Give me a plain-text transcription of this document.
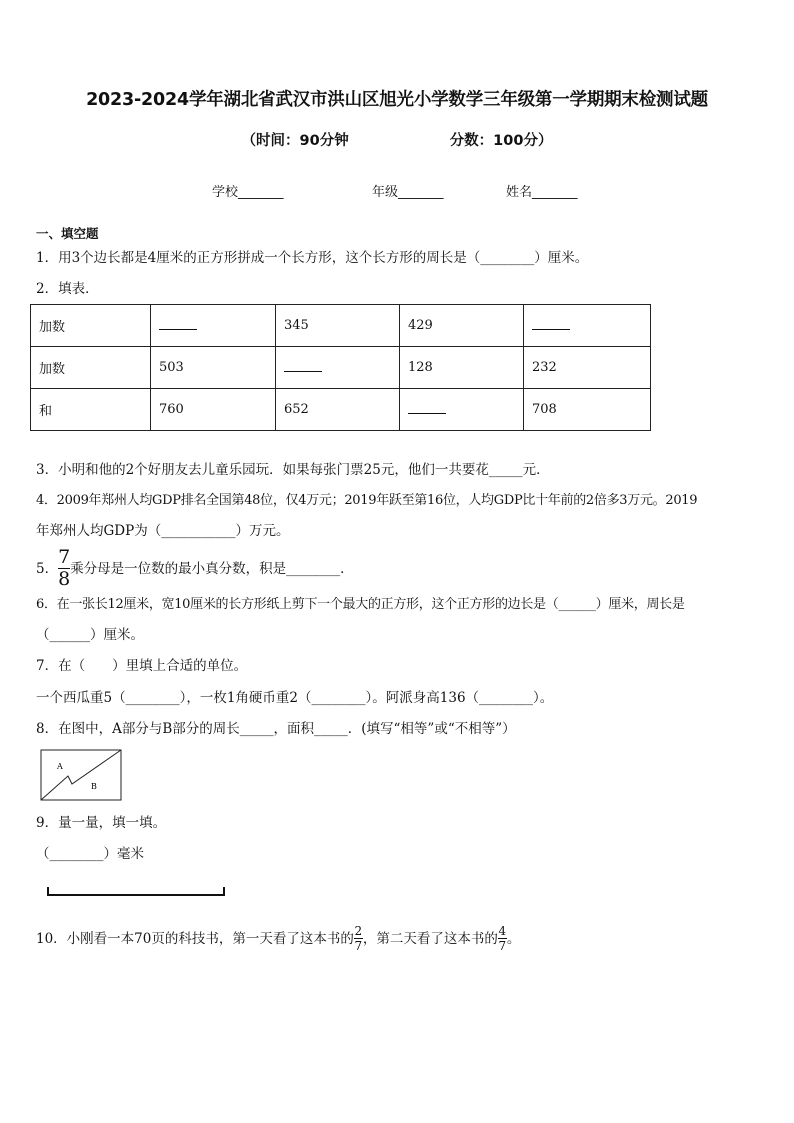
2023-2024学年湖北省武汉市洪山区旭光小学数学三年级第一学期期末检测试题
（时间：90分钟	分数：100分）
学校_______	年级_______	姓名_______
一、填空题
1．用3个边长都是4厘米的正方形拼成一个长方形，这个长方形的周长是（________）厘米。
2．填表．
加数		345	429	
加数	503		128	232
和	760	652		708
3．小明和他的2个好朋友去儿童乐园玩．如果每张门票25元，他们一共要花_____元．
4．2009年郑州人均GDP排名全国第48位，仅4万元；2019年跃至第16位，人均GDP比十年前的2倍多3万元。2019
年郑州人均GDP为（___________）万元。
5． $\frac{7}{8}$ 乘分母是一位数的最小真分数，积是________．
6．在一张长12厘米，宽10厘米的长方形纸上剪下一个最大的正方形，这个正方形的边长是（______）厘米，周长是
（______）厘米。
7．在（　　）里填上合适的单位。
一个西瓜重5（________），一枚1角硬币重2（________）。阿派身高136（________）。
8．在图中，A部分与B部分的周长_____，面积_____．(填写“相等”或“不相等”）
A
B
9．量一量，填一填。
（________）毫米
10．小刚看一本70页的科技书，第一天看了这本书的 $\frac{2}{7}$ ，第二天看了这本书的 $\frac{4}{7}$ 。
